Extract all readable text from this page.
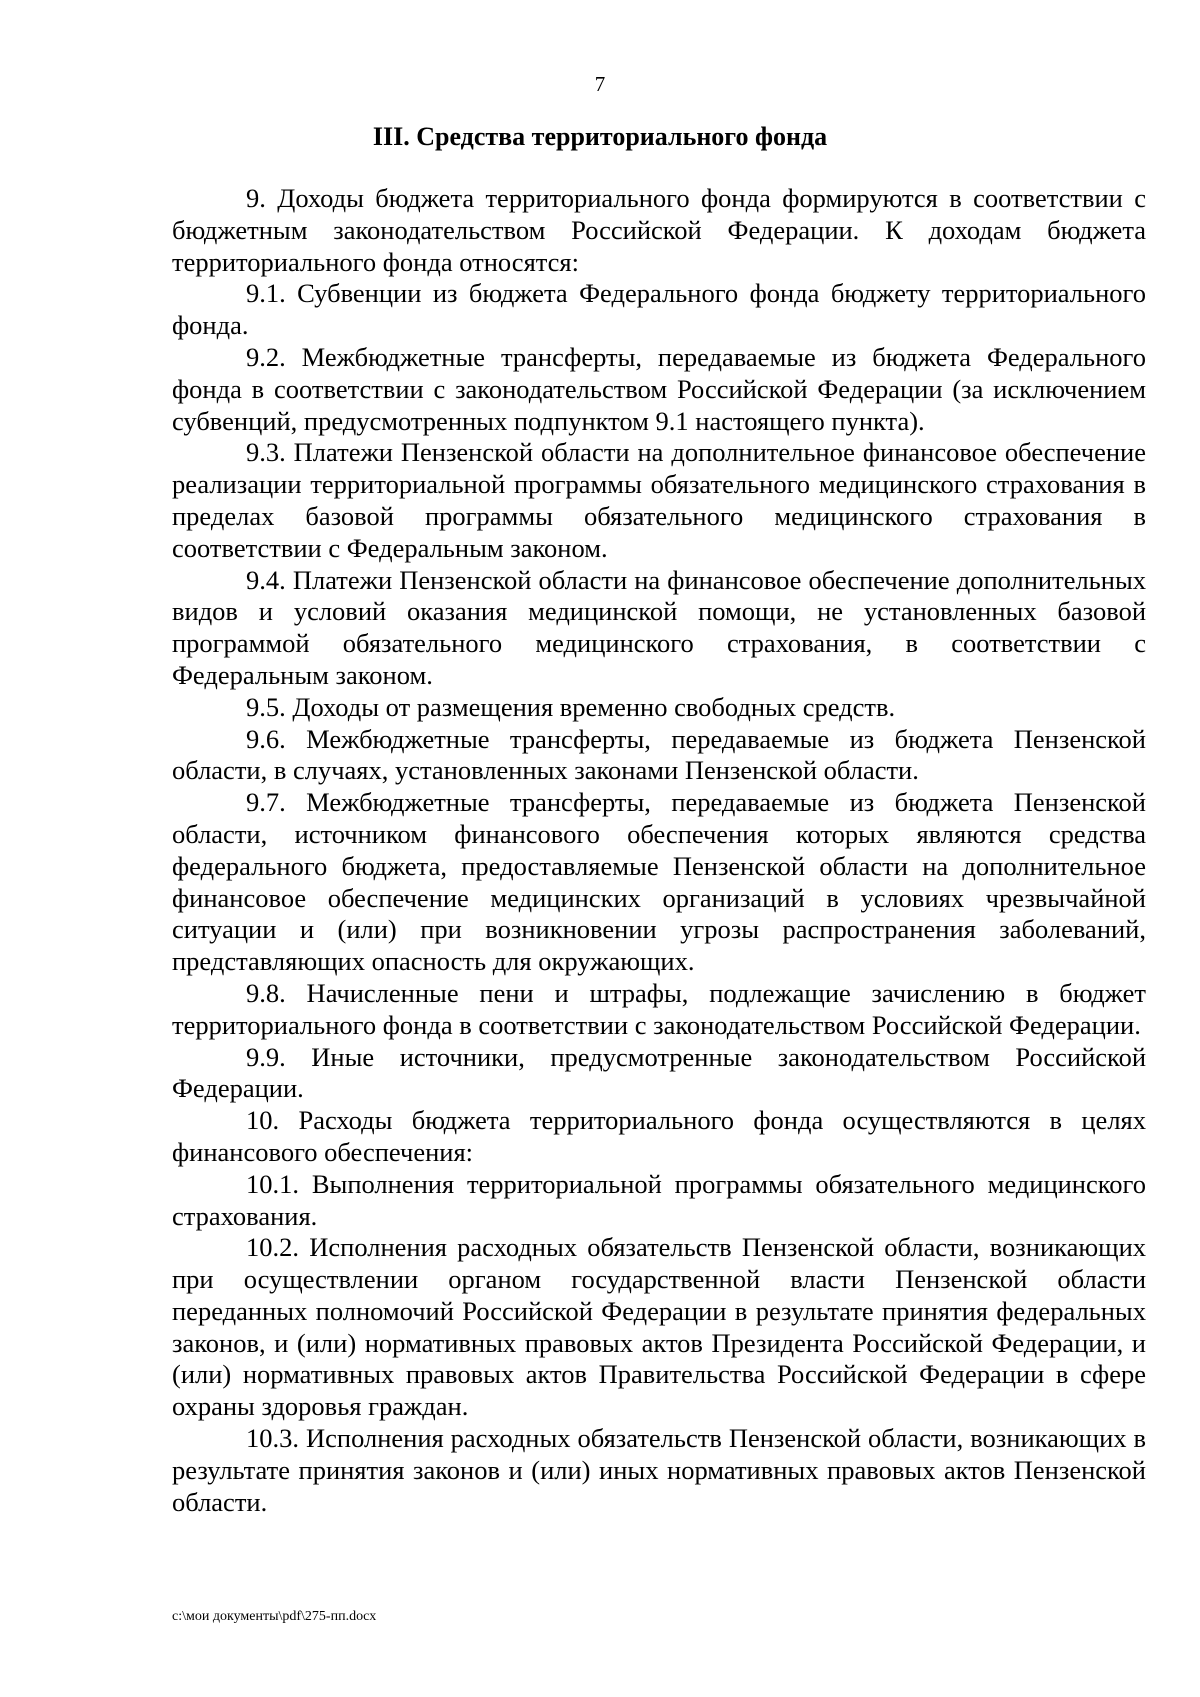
7
III. Средства территориального фонда

9. Доходы бюджета территориального фонда формируются в соответствии с бюджетным законодательством Российской Федерации. К доходам бюджета территориального фонда относятся:

9.1. Субвенции из бюджета Федерального фонда бюджету территориального фонда.

9.2. Межбюджетные трансферты, передаваемые из бюджета Федерального фонда в соответствии с законодательством Российской Федерации (за исключением субвенций, предусмотренных подпунктом 9.1 настоящего пункта).

9.3. Платежи Пензенской области на дополнительное финансовое обеспечение реализации территориальной программы обязательного медицинского страхования в пределах базовой программы обязательного медицинского страхования в соответствии с Федеральным законом.

9.4. Платежи Пензенской области на финансовое обеспечение дополнительных видов и условий оказания медицинской помощи, не установленных базовой программой обязательного медицинского страхования, в соответствии с Федеральным законом.

9.5. Доходы от размещения временно свободных средств.

9.6. Межбюджетные трансферты, передаваемые из бюджета Пензенской области, в случаях, установленных законами Пензенской области.

9.7. Межбюджетные трансферты, передаваемые из бюджета Пензенской области, источником финансового обеспечения которых являются средства федерального бюджета, предоставляемые Пензенской области на дополнительное финансовое обеспечение медицинских организаций в условиях чрезвычайной ситуации и (или) при возникновении угрозы распространения заболеваний, представляющих опасность для окружающих.

9.8. Начисленные пени и штрафы, подлежащие зачислению в бюджет территориального фонда в соответствии с законодательством Российской Федерации.

9.9. Иные источники, предусмотренные законодательством Российской Федерации.

10. Расходы бюджета территориального фонда осуществляются в целях финансового обеспечения:

10.1. Выполнения территориальной программы обязательного медицинского страхования.

10.2. Исполнения расходных обязательств Пензенской области, возникающих при осуществлении органом государственной власти Пензенской области переданных полномочий Российской Федерации в результате принятия федеральных законов, и (или) нормативных правовых актов Президента Российской Федерации, и (или) нормативных правовых актов Правительства Российской Федерации в сфере охраны здоровья граждан.

10.3. Исполнения расходных обязательств Пензенской области, возникающих в результате принятия законов и (или) иных нормативных правовых актов Пензенской области.

c:\мои документы\pdf\275-пп.docx
